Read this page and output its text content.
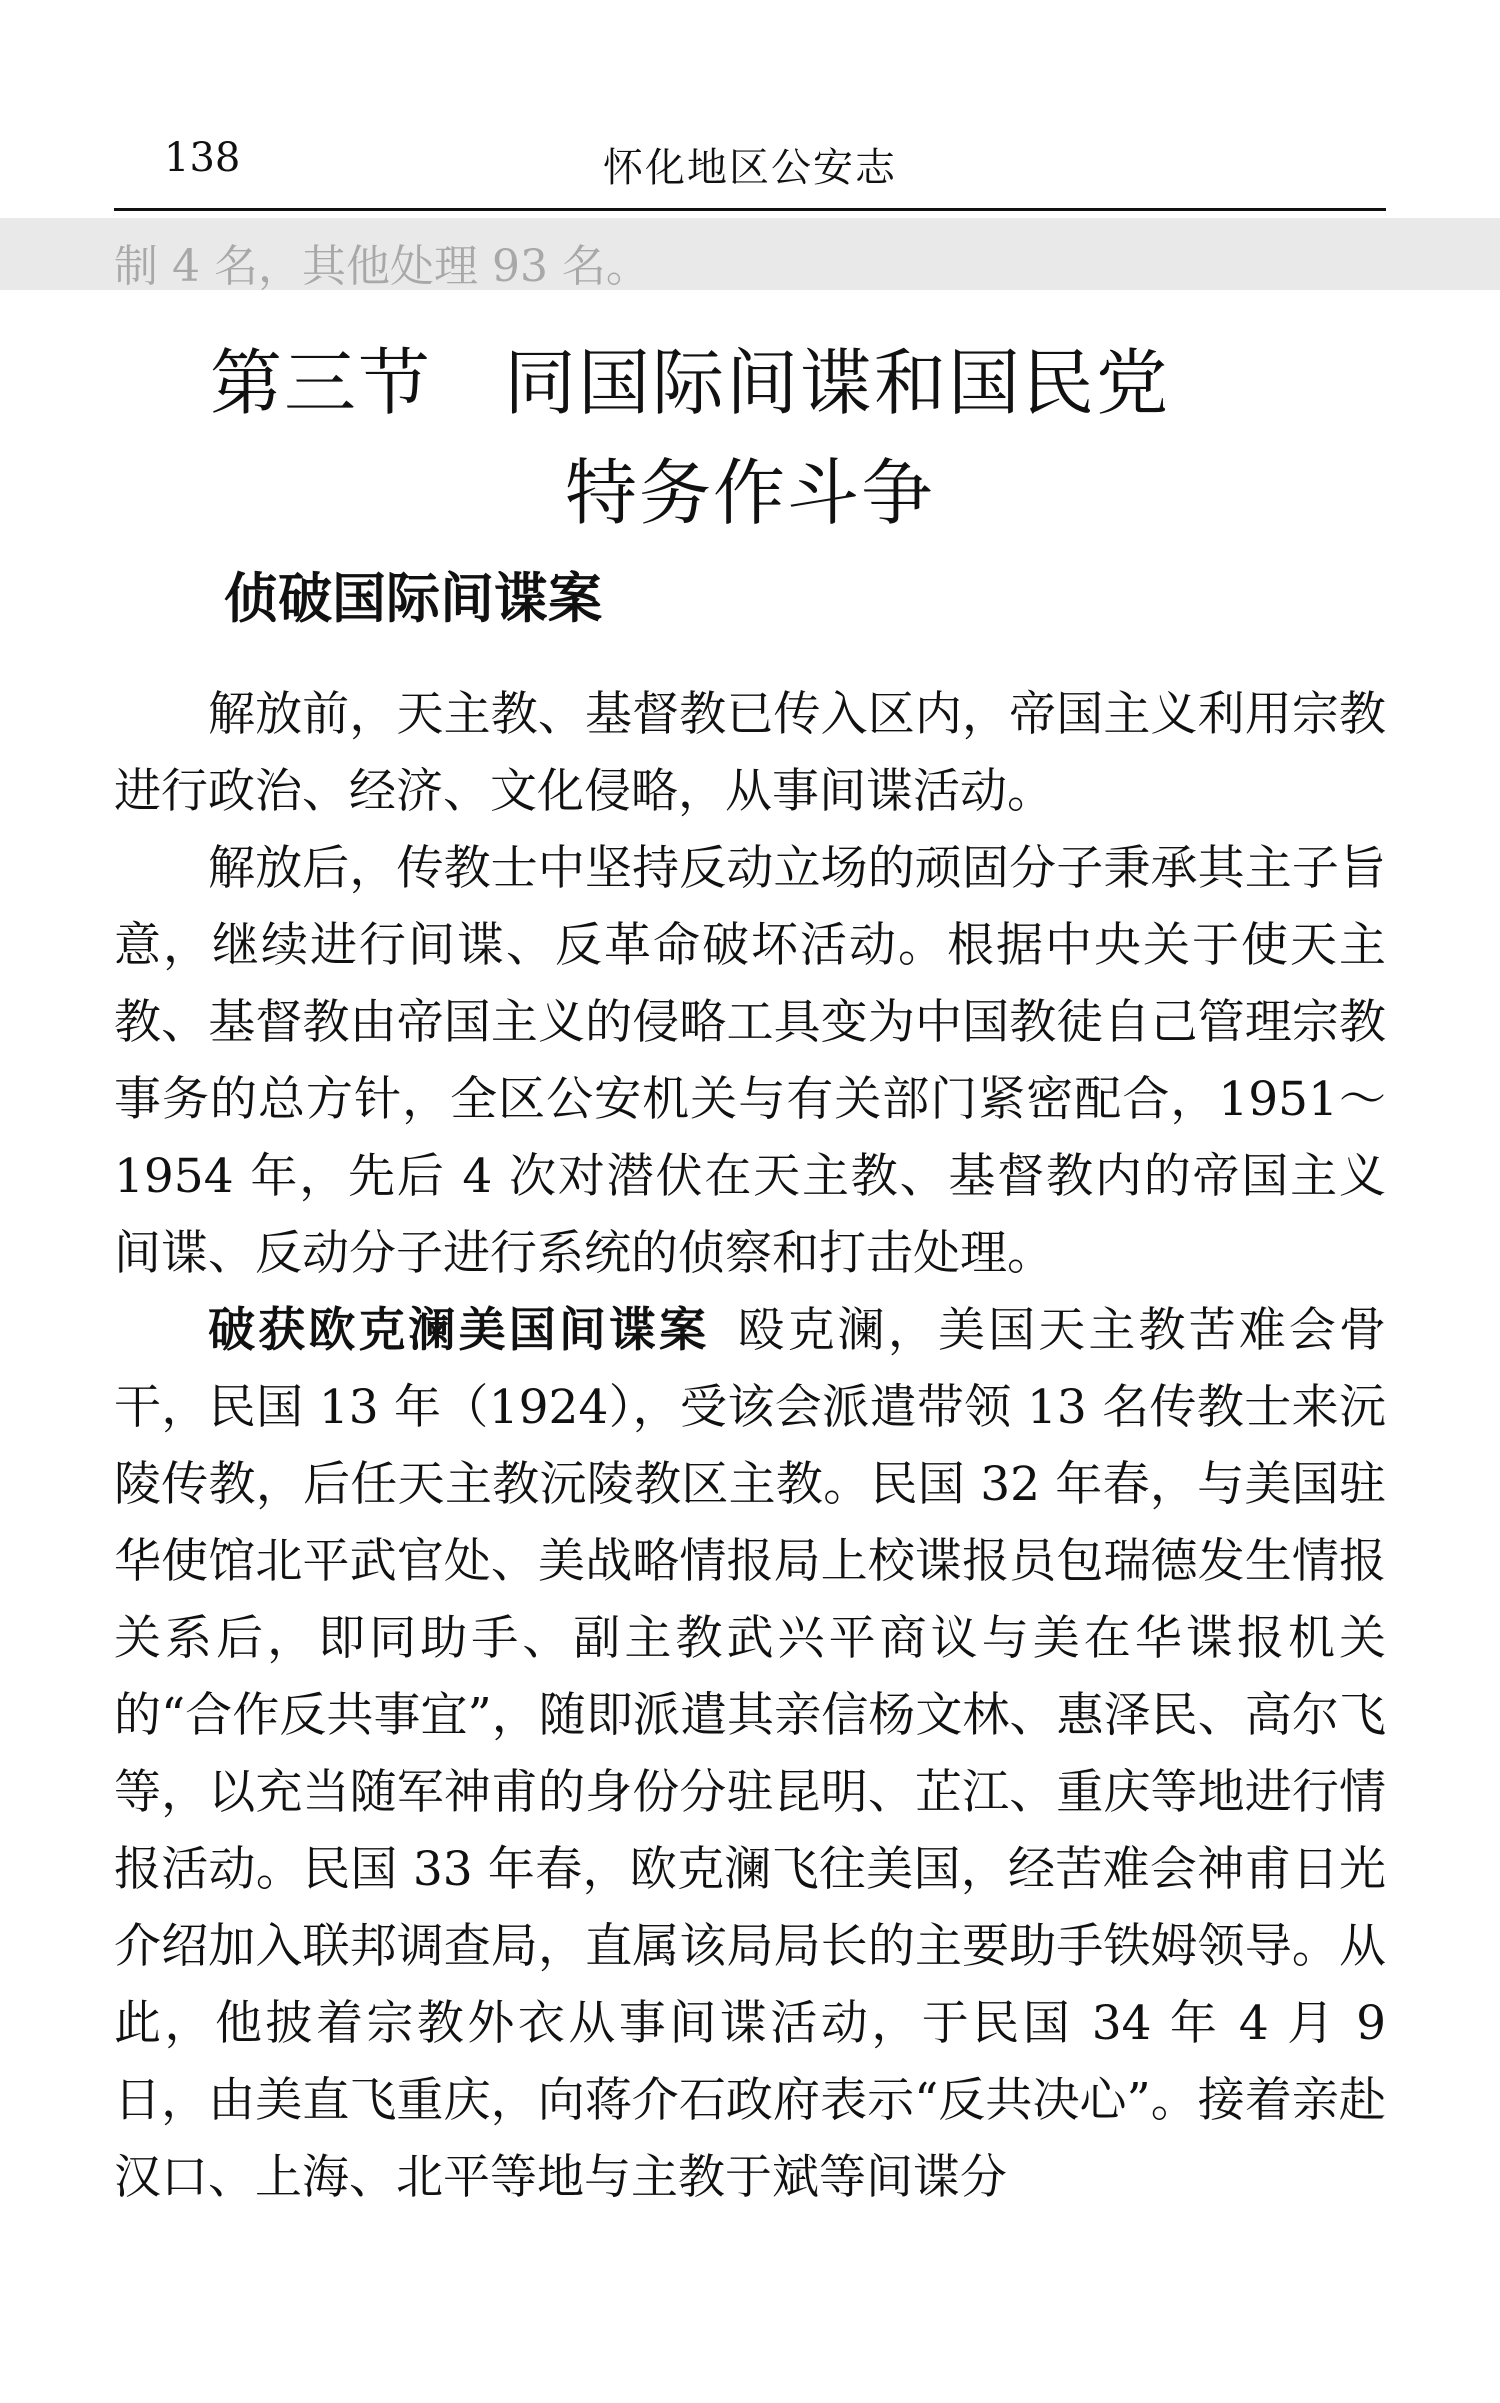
138	怀化地区公安志
制 4 名，其他处理 93 名。
第三节 同国际间谍和国民党
特务作斗争
侦破国际间谍案

解放前，天主教、基督教已传入区内，帝国主义利用宗教进行政治、经济、文化侵略，从事间谍活动。

解放后，传教士中坚持反动立场的顽固分子秉承其主子旨意，继续进行间谍、反革命破坏活动。根据中央关于使天主教、基督教由帝国主义的侵略工具变为中国教徒自己管理宗教事务的总方针，全区公安机关与有关部门紧密配合，1951～ 1954 年，先后 4 次对潜伏在天主教、基督教内的帝国主义间谍、反动分子进行系统的侦察和打击处理。

破获欧克澜美国间谍案 殴克澜，美国天主教苦难会骨干，民国 13 年（1924），受该会派遣带领 13 名传教士来沅陵传教，后任天主教沅陵教区主教。民国 32 年春，与美国驻华使馆北平武官处、美战略情报局上校谍报员包瑞德发生情报关系后，即同助手、副主教武兴平商议与美在华谍报机关的“合作反共事宜”，随即派遣其亲信杨文林、惠泽民、高尔飞等，以充当随军神甫的身份分驻昆明、芷江、重庆等地进行情报活动。民国 33 年春，欧克澜飞往美国，经苦难会神甫日光介绍加入联邦调查局，直属该局局长的主要助手铁姆领导。从此，他披着宗教外衣从事间谍活动，于民国 34 年 4 月 9 日，由美直飞重庆，向蒋介石政府表示“反共决心”。接着亲赴汉口、上海、北平等地与主教于斌等间谍分
